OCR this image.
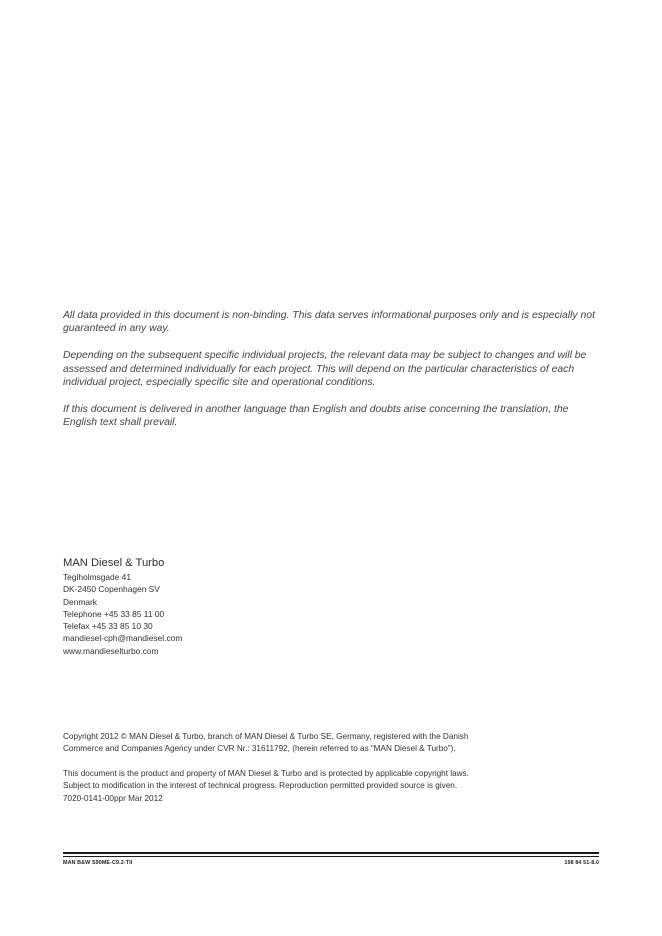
All data provided in this document is non-binding. This data serves informational purposes only and is especially not guaranteed in any way.

Depending on the subsequent specific individual projects, the relevant data may be subject to changes and will be assessed and determined individually for each project. This will depend on the particular characteristics of each individual project, especially specific site and operational conditions.

If this document is delivered in another language than English and doubts arise concerning the translation, the English text shall prevail.

MAN Diesel & Turbo
Teglholmsgade 41
DK-2450 Copenhagen SV
Denmark
Telephone +45 33 85 11 00
Telefax +45 33 85 10 30
mandiesel-cph@mandiesel.com
www.mandieselturbo.com

Copyright 2012 © MAN Diesel & Turbo, branch of MAN Diesel & Turbo SE, Germany, registered with the Danish
Commerce and Companies Agency under CVR Nr.: 31611792, (herein referred to as “MAN Diesel & Turbo”).

This document is the product and property of MAN Diesel & Turbo and is protected by applicable copyright laws.
Subject to modification in the interest of technical progress. Reproduction permitted provided source is given.
7020-0141-00ppr Mar 2012
MAN B&W S90ME-C9.2-TII	198 84 51-8.0
